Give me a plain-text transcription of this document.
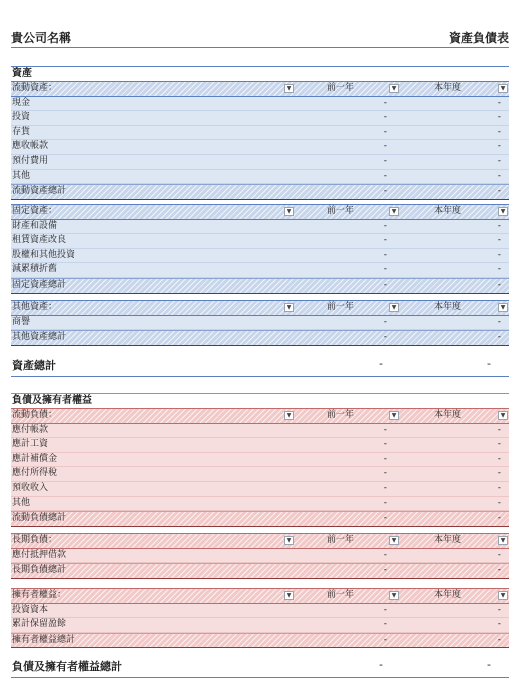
貴公司名稱	資產負債表
資產
流動資產：	▼	前一年	▼	本年度	▼
現金	-	-
投資	-	-
存貨	-	-
應收帳款	-	-
預付費用	-	-
其他	-	-
流動資產總計	-	-
固定資產：	▼	前一年	▼	本年度	▼
財產和設備	-	-
租賃資產改良	-	-
股權和其他投資	-	-
減累積折舊	-	-
固定資產總計	-	-
其他資產：	▼	前一年	▼	本年度	▼
商譽	-	-
其他資產總計	-	-
資產總計	-	-
負債及擁有者權益
流動負債：	▼	前一年	▼	本年度	▼
應付帳款	-	-
應計工資	-	-
應計補償金	-	-
應付所得稅	-	-
預收收入	-	-
其他	-	-
流動負債總計	-	-
長期負債：	▼	前一年	▼	本年度	▼
應付抵押借款	-	-
長期負債總計	-	-
擁有者權益：	▼	前一年	▼	本年度	▼
投資資本	-	-
累計保留盈餘	-	-
擁有者權益總計	-	-
負債及擁有者權益總計	-	-
